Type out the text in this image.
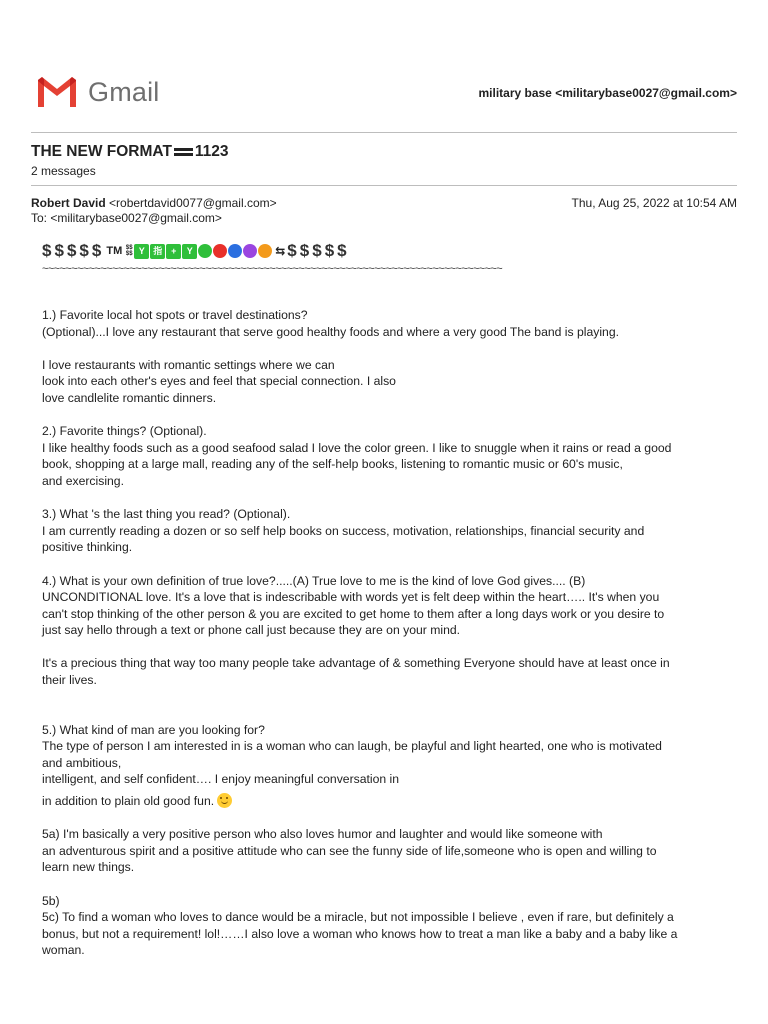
Gmail	military base <militarybase0027@gmail.com>
THE NEW FORMAT 1123
2 messages
Robert David <robertdavid0077@gmail.com>
To: <militarybase0027@gmail.com>
Thu, Aug 25, 2022 at 10:54 AM
$ $ $ $ $ TM $$
$$ Y 指 +	Y	⇆ $ $ $ $ $
~~~~~~~~~~~~~~~~~~~~~~~~~~~~~~~~~~~~~~~~~~~~~~~~~~~~~~~~~~~~~~~~~~~~~~~~~~~~~~~

1.) Favorite local hot spots or travel destinations?
(Optional)...I love any restaurant that serve good healthy foods and where a very good The band is playing.

I love restaurants with romantic settings where we can
look into each other's eyes and feel that special connection. I also
love candlelite romantic dinners.

2.) Favorite things? (Optional).
I like healthy foods such as a good seafood salad I love the color green. I like to snuggle when it rains or read a good
book, shopping at a large mall, reading any of the self-help books, listening to romantic music or 60's music,
and exercising.

3.) What 's the last thing you read? (Optional).
I am currently reading a dozen or so self help books on success, motivation, relationships, financial security and
positive thinking.

4.) What is your own definition of true love?.....(A) True love to me is the kind of love God gives.... (B)
UNCONDITIONAL love. It's a love that is indescribable with words yet is felt deep within the heart….. It's when you
can't stop thinking of the other person & you are excited to get home to them after a long days work or you desire to
just say hello through a text or phone call just because they are on your mind.

It's a precious thing that way too many people take advantage of & something Everyone should have at least once in
their lives.

5.) What kind of man are you looking for?
The type of person I am interested in is a woman who can laugh, be playful and light hearted, one who is motivated
and ambitious,
intelligent, and self confident…. I enjoy meaningful conversation in

in addition to plain old good fun.

5a) I'm basically a very positive person who also loves humor and laughter and would like someone with
an adventurous spirit and a positive attitude who can see the funny side of life,someone who is open and willing to
learn new things.

5b)
5c) To find a woman who loves to dance would be a miracle, but not impossible I believe , even if rare, but definitely a
bonus, but not a requirement! lol!……I also love a woman who knows how to treat a man like a baby and a baby like a
woman.
